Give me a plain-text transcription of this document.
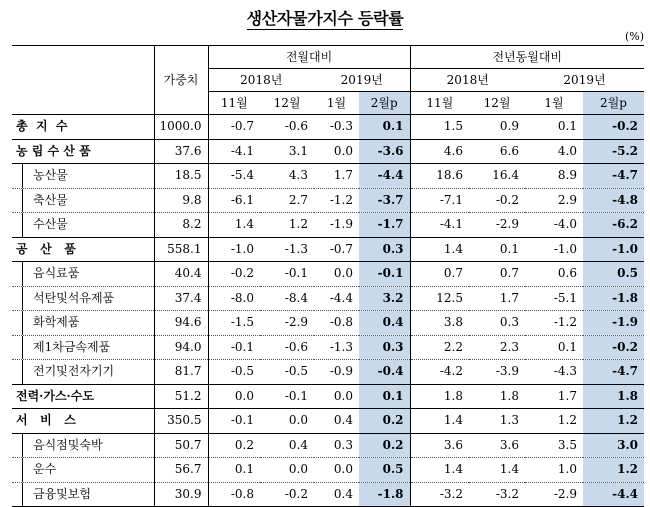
생산자물가지수 등락률
(%)
	가중치	전월대비				전년동월대비			
		2018년		2019년		2018년		2019년	
		11월	12월	1월	2월p	11월	12월	1월	2월p
총  지  수	1000.0	-0.7	-0.6	-0.3	0.1	1.5	0.9	0.1	-0.2
농 림 수 산 품	37.6	-4.1	3.1	0.0	-3.6	4.6	6.6	4.0	-5.2
농산물	18.5	-5.4	4.3	1.7	-4.4	18.6	16.4	8.9	-4.7
축산물	9.8	-6.1	2.7	-1.2	-3.7	-7.1	-0.2	2.9	-4.8
수산물	8.2	1.4	1.2	-1.9	-1.7	-4.1	-2.9	-4.0	-6.2
공   산   품	558.1	-1.0	-1.3	-0.7	0.3	1.4	0.1	-1.0	-1.0
음식료품	40.4	-0.2	-0.1	0.0	-0.1	0.7	0.7	0.6	0.5
석탄및석유제품	37.4	-8.0	-8.4	-4.4	3.2	12.5	1.7	-5.1	-1.8
화학제품	94.6	-1.5	-2.9	-0.8	0.4	3.8	0.3	-1.2	-1.9
제1차금속제품	94.0	-0.1	-0.6	-1.3	0.3	2.2	2.3	0.1	-0.2
전기및전자기기	81.7	-0.5	-0.5	-0.9	-0.4	-4.2	-3.9	-4.3	-4.7
전력·가스·수도	51.2	0.0	-0.1	0.0	0.1	1.8	1.8	1.7	1.8
서   비   스	350.5	-0.1	0.0	0.4	0.2	1.4	1.3	1.2	1.2
음식점및숙박	50.7	0.2	0.4	0.3	0.2	3.6	3.6	3.5	3.0
운수	56.7	0.1	0.0	0.0	0.5	1.4	1.4	1.0	1.2
금융및보험	30.9	-0.8	-0.2	0.4	-1.8	-3.2	-3.2	-2.9	-4.4
